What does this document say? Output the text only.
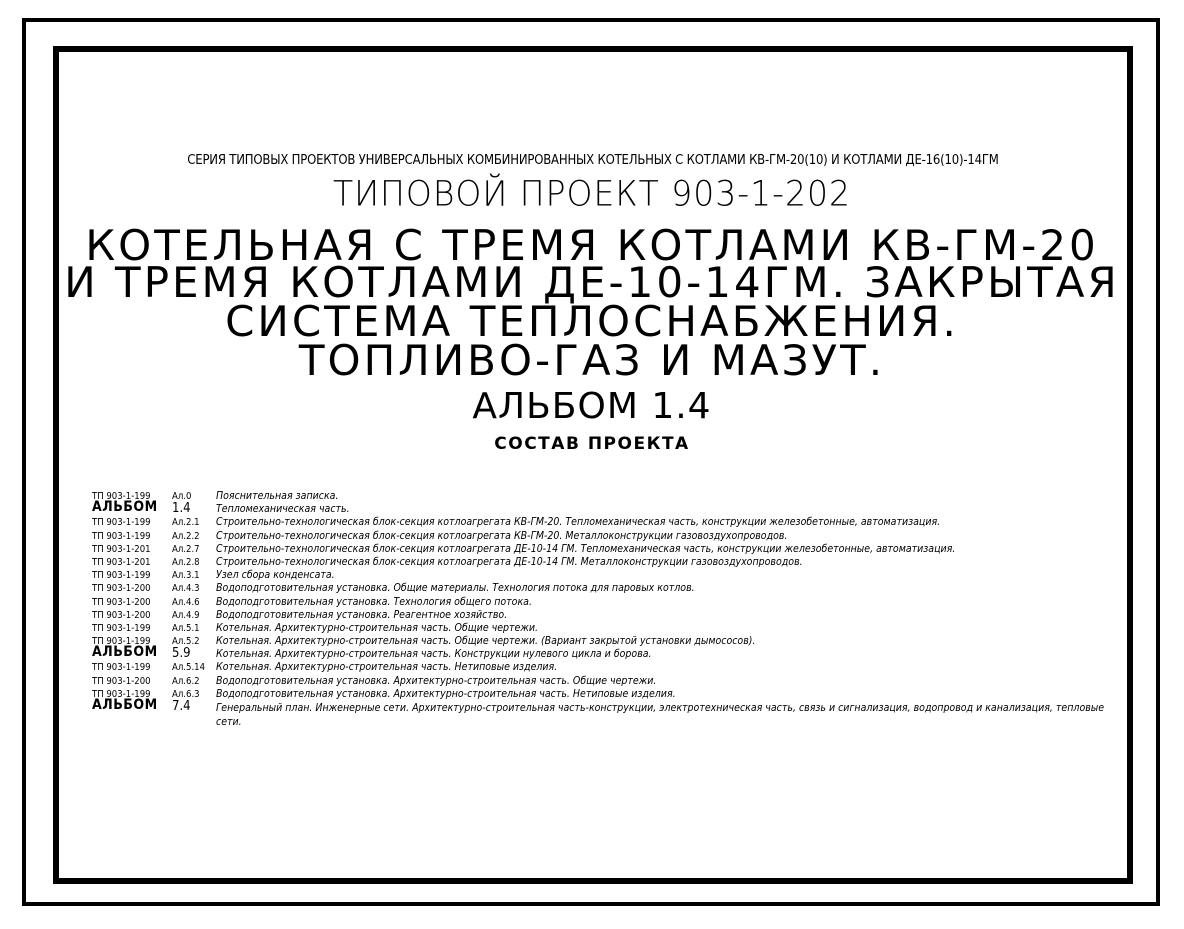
СЕРИЯ ТИПОВЫХ ПРОЕКТОВ УНИВЕРСАЛЬНЫХ КОМБИНИРОВАННЫХ КОТЕЛЬНЫХ С КОТЛАМИ КВ-ГМ-20(10) И КОТЛАМИ ДЕ-16(10)-14ГМ
ТИПОВОЙ ПРОЕКТ 903-1-202
КОТЕЛЬНАЯ С ТРЕМЯ КОТЛАМИ КВ-ГМ-20
И ТРЕМЯ КОТЛАМИ ДЕ-10-14ГМ. ЗАКРЫТАЯ
СИСТЕМА ТЕПЛОСНАБЖЕНИЯ.
ТОПЛИВО-ГАЗ И МАЗУТ.
АЛЬБОМ 1.4
СОСТАВ ПРОЕКТА
ТП 903-1-199	Ал.0	Пояснительная записка.
АЛЬБОМ	1.4	Тепломеханическая часть.
ТП 903-1-199	Ал.2.1	Строительно-технологическая блок-секция котлоагрегата КВ-ГМ-20. Тепломеханическая часть, конструкции железобетонные, автоматизация.
ТП 903-1-199	Ал.2.2	Строительно-технологическая блок-секция котлоагрегата КВ-ГМ-20. Металлоконструкции газовоздухопроводов.
ТП 903-1-201	Ал.2.7	Строительно-технологическая блок-секция котлоагрегата ДЕ-10-14 ГМ. Тепломеханическая часть, конструкции железобетонные, автоматизация.
ТП 903-1-201	Ал.2.8	Строительно-технологическая блок-секция котлоагрегата ДЕ-10-14 ГМ. Металлоконструкции газовоздухопроводов.
ТП 903-1-199	Ал.3.1	Узел сбора конденсата.
ТП 903-1-200	Ал.4.3	Водоподготовительная установка. Общие материалы. Технология потока для паровых котлов.
ТП 903-1-200	Ал.4.6	Водоподготовительная установка. Технология общего потока.
ТП 903-1-200	Ал.4.9	Водоподготовительная установка. Реагентное хозяйство.
ТП 903-1-199	Ал.5.1	Котельная. Архитектурно-строительная часть. Общие чертежи.
ТП 903-1-199	Ал.5.2	Котельная. Архитектурно-строительная часть. Общие чертежи. (Вариант закрытой установки дымососов).
АЛЬБОМ	5.9	Котельная. Архитектурно-строительная часть. Конструкции нулевого цикла и борова.
ТП 903-1-199	Ал.5.14	Котельная. Архитектурно-строительная часть. Нетиповые изделия.
ТП 903-1-200	Ал.6.2	Водоподготовительная установка. Архитектурно-строительная часть. Общие чертежи.
ТП 903-1-199	Ал.6.3	Водоподготовительная установка. Архитектурно-строительная часть. Нетиповые изделия.
АЛЬБОМ	7.4	Генеральный план. Инженерные сети. Архитектурно-строительная часть-конструкции, электротехническая часть, связь и сигнализация, водопровод и канализация, тепловые сети.
